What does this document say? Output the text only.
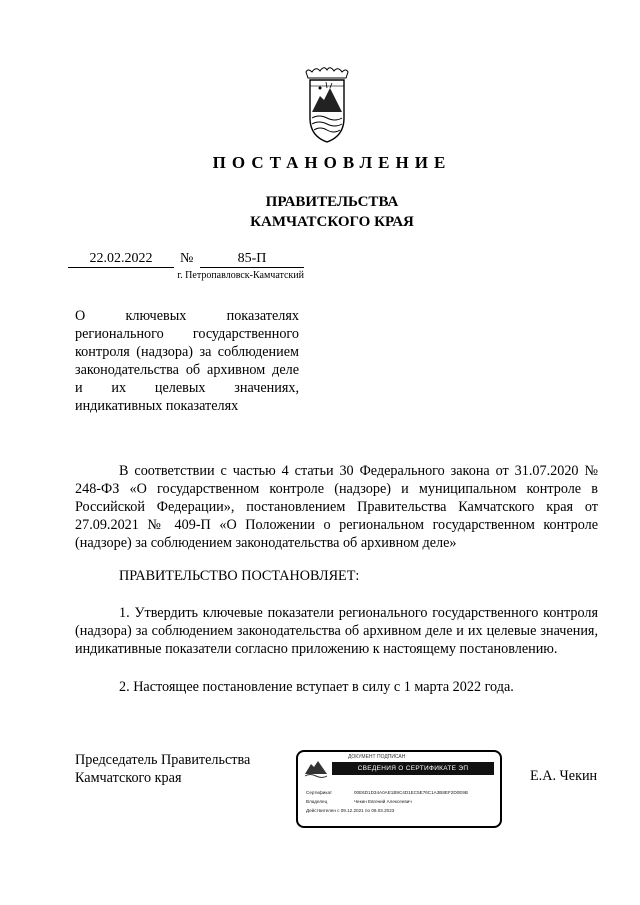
ПОСТАНОВЛЕНИЕ
ПРАВИТЕЛЬСТВА
КАМЧАТСКОГО КРАЯ
22.02.2022	№	85-П
г. Петропавловск-Камчатский
О ключевых показателях регионального государственного контроля (надзора) за соблюдением законодательства об архивном деле и их целевых значениях, индикативных показателях
В соответствии с частью 4 статьи 30 Федерального закона от 31.07.2020 № 248-ФЗ «О государственном контроле (надзоре) и муниципальном контроле в Российской Федерации», постановлением Правительства Камчатского края от 27.09.2021 № 409-П «О Положении о региональном государственном контроле (надзоре) за соблюдением законодательства об архивном деле»
ПРАВИТЕЛЬСТВО ПОСТАНОВЛЯЕТ:
1. Утвердить ключевые показатели регионального государственного контроля (надзора) за соблюдением законодательства об архивном деле и их целевые значения, индикативные показатели согласно приложению к настоящему постановлению.
2. Настоящее постановление вступает в силу с 1 марта 2022 года.
Председатель Правительства
Камчатского края
ДОКУМЕНТ ПОДПИСАН
СВЕДЕНИЯ О СЕРТИФИКАТЕ ЭП
Сертификат	00E6D1D34A0AE1B9C4D1EC5E76C1A3B8EF2D0E9B
Владелец	Чекин Евгений Алексеевич
Действителен с 09.12.2021 по 09.03.2023
Е.А. Чекин
